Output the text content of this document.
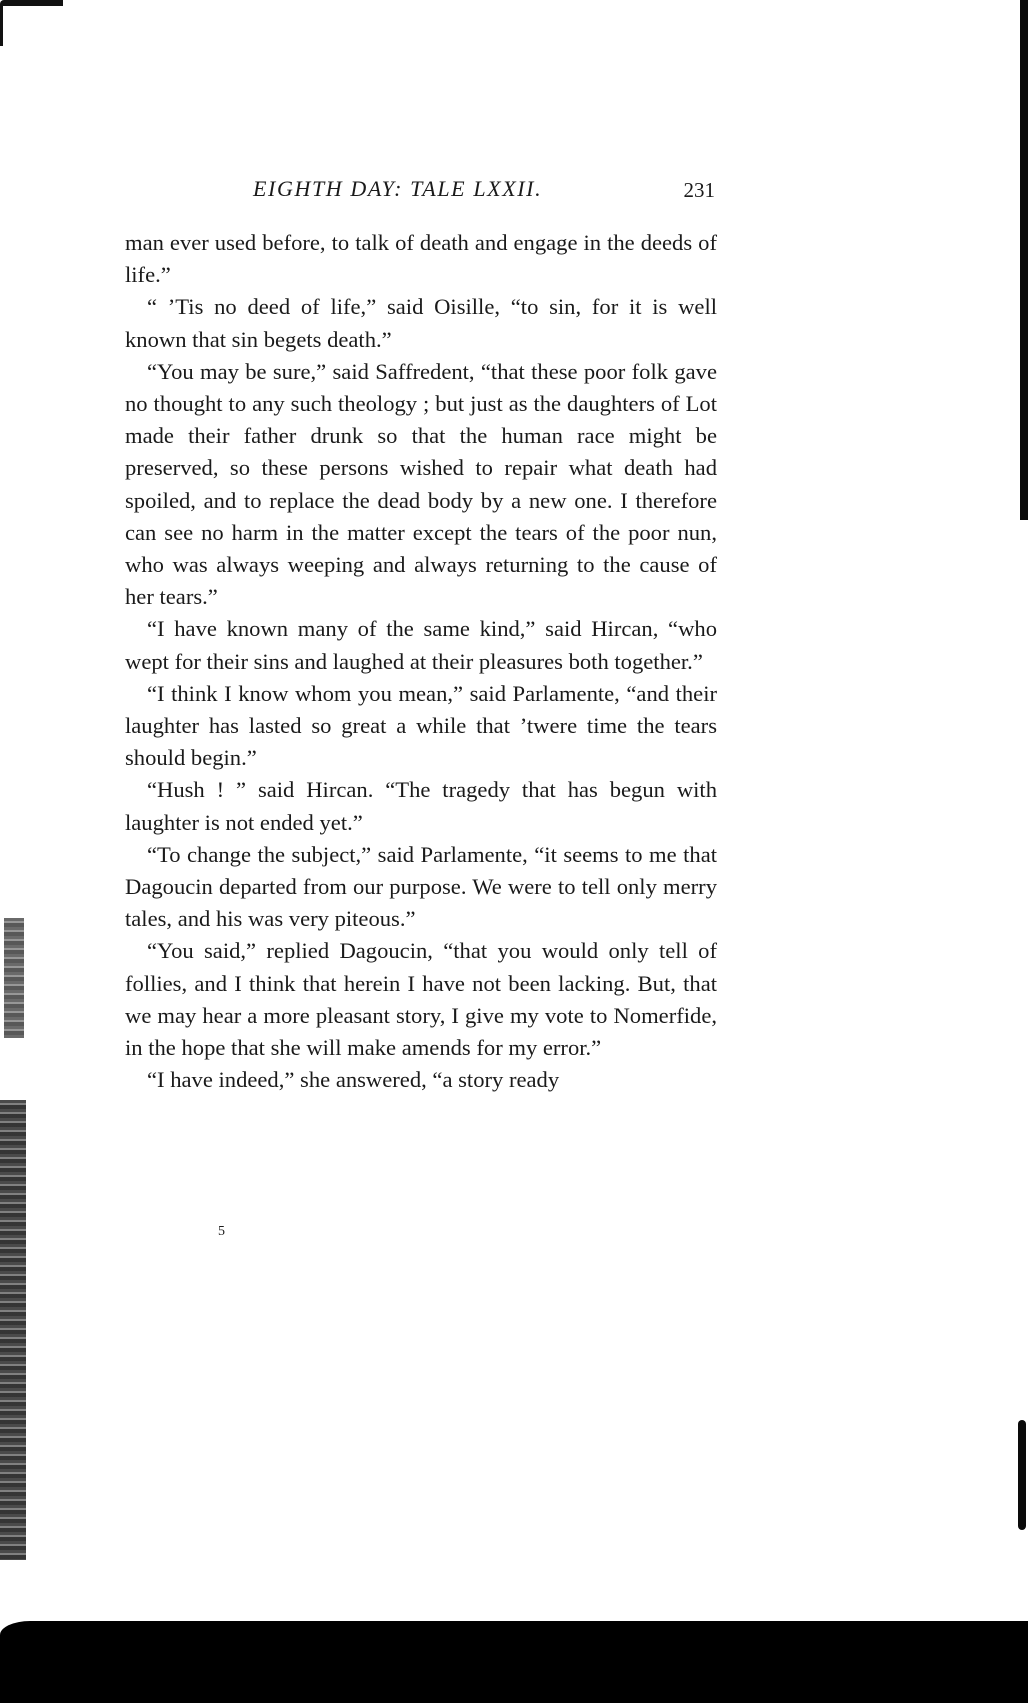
EIGHTH DAY: TALE LXXII.	231

man ever used before, to talk of death and engage in the deeds of life.”

“ ’Tis no deed of life,” said Oisille, “to sin, for it is well known that sin begets death.”

“You may be sure,” said Saffredent, “that these poor folk gave no thought to any such theology ; but just as the daughters of Lot made their father drunk so that the human race might be preserved, so these persons wished to repair what death had spoiled, and to replace the dead body by a new one. I therefore can see no harm in the matter except the tears of the poor nun, who was always weeping and always returning to the cause of her tears.”

“I have known many of the same kind,” said Hircan, “who wept for their sins and laughed at their pleasures both together.”

“I think I know whom you mean,” said Parlamente, “and their laughter has lasted so great a while that ’twere time the tears should begin.”

“Hush ! ” said Hircan. “The tragedy that has begun with laughter is not ended yet.”

“To change the subject,” said Parlamente, “it seems to me that Dagoucin departed from our purpose. We were to tell only merry tales, and his was very piteous.”

“You said,” replied Dagoucin, “that you would only tell of follies, and I think that herein I have not been lacking. But, that we may hear a more pleasant story, I give my vote to Nomerfide, in the hope that she will make amends for my error.”

“I have indeed,” she answered, “a story ready

5
